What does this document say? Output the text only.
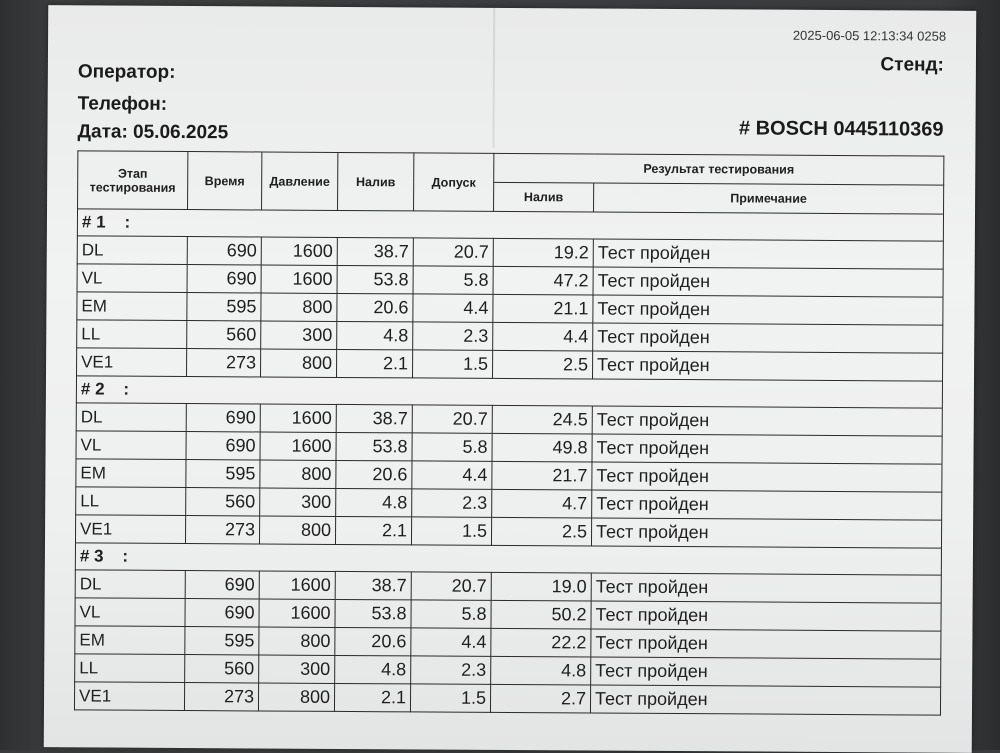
Оператор:
Телефон:
Дата: 05.06.2025
2025-06-05 12:13:34 0258
Стенд:
# BOSCH 0445110369
Этап тестирования	Время	Давление	Налив	Допуск	Результат тестирования	
					Налив	Примечание
# 1    :						
DL	690	1600	38.7	20.7	19.2	Тест пройден
VL	690	1600	53.8	5.8	47.2	Тест пройден
EM	595	800	20.6	4.4	21.1	Тест пройден
LL	560	300	4.8	2.3	4.4	Тест пройден
VE1	273	800	2.1	1.5	2.5	Тест пройден
# 2    :						
DL	690	1600	38.7	20.7	24.5	Тест пройден
VL	690	1600	53.8	5.8	49.8	Тест пройден
EM	595	800	20.6	4.4	21.7	Тест пройден
LL	560	300	4.8	2.3	4.7	Тест пройден
VE1	273	800	2.1	1.5	2.5	Тест пройден
# 3    :						
DL	690	1600	38.7	20.7	19.0	Тест пройден
VL	690	1600	53.8	5.8	50.2	Тест пройден
EM	595	800	20.6	4.4	22.2	Тест пройден
LL	560	300	4.8	2.3	4.8	Тест пройден
VE1	273	800	2.1	1.5	2.7	Тест пройден
